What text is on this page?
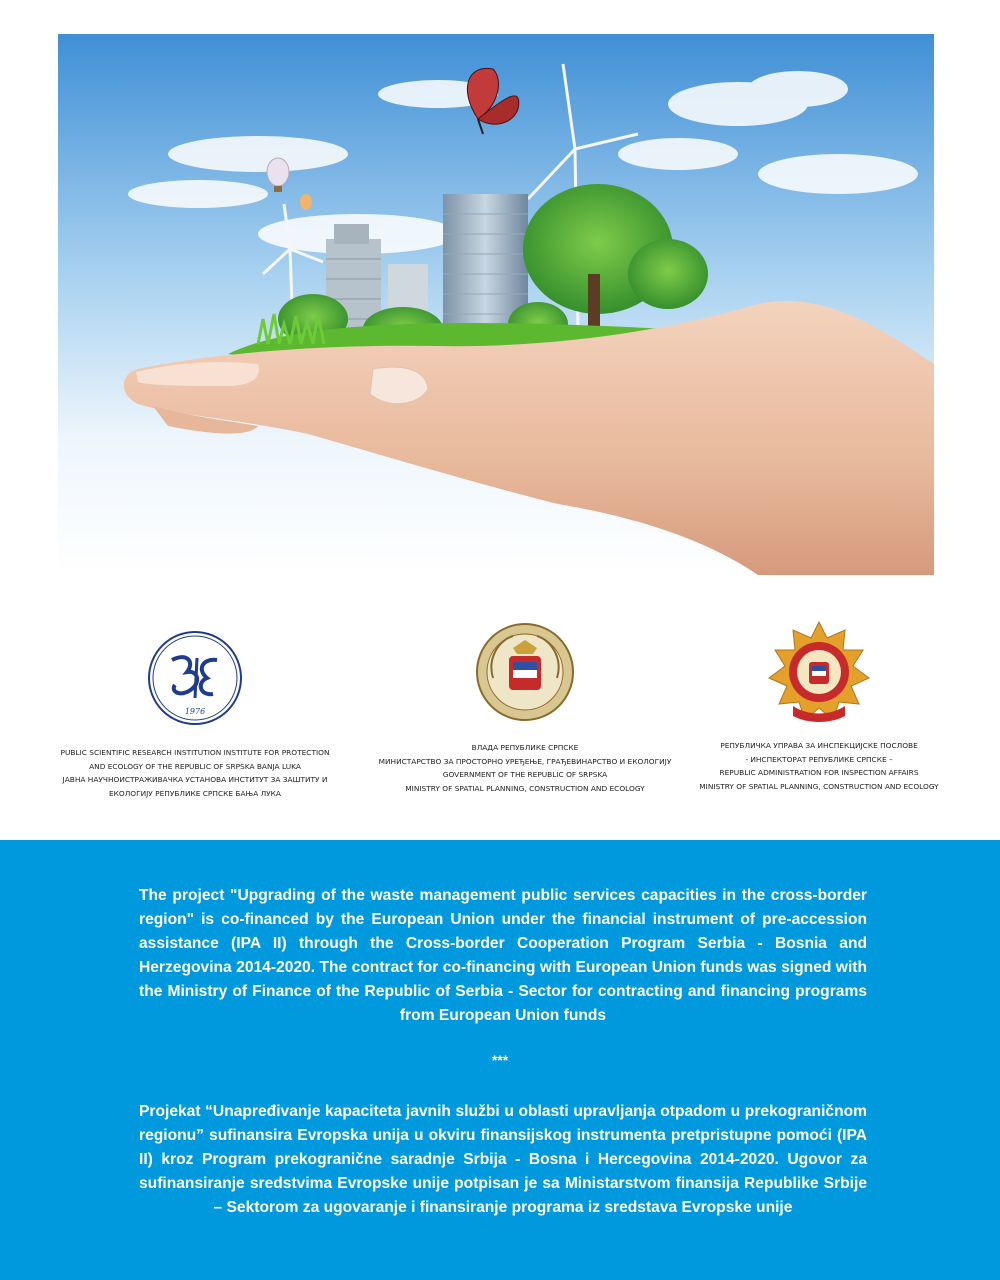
1976
PUBLIC SCIENTIFIC RESEARCH INSTITUTION INSTITUTE FOR PROTECTION
AND ECOLOGY OF THE REPUBLIC OF SRPSKA BANJA LUKA
ЈАВНА НАУЧНОИСТРАЖИВАЧКА УСТАНОВА ИНСТИТУТ ЗА ЗАШТИТУ И
ЕКОЛОГИЈУ РЕПУБЛИКЕ СРПСКЕ БАЊА ЛУКА
ВЛАДА РЕПУБЛИКЕ СРПСКЕ
МИНИСТАРСТВО ЗА ПРОСТОРНО УРЕЂЕЊЕ, ГРАЂЕВИНАРСТВО И ЕКОЛОГИЈУ
GOVERNMENT OF THE REPUBLIC OF SRPSKA
MINISTRY OF SPATIAL PLANNING, CONSTRUCTION AND ECOLOGY
РЕПУБЛИЧКА УПРАВА ЗА ИНСПЕКЦИЈСКЕ ПОСЛОВЕ
- ИНСПЕКТОРАТ РЕПУБЛИКЕ СРПСКЕ –
REPUBLIC ADMINISTRATION FOR INSPECTION AFFAIRS
MINISTRY OF SPATIAL PLANNING, CONSTRUCTION AND ECOLOGY

The project "Upgrading of the waste management public services capacities in the cross-border region" is co-financed by the European Union under the financial instrument of pre-accession assistance (IPA II) through the Cross-border Cooperation Program Serbia - Bosnia and Herzegovina 2014-2020. The contract for co-financing with European Union funds was signed with the Ministry of Finance of the Republic of Serbia - Sector for contracting and financing programs from European Union funds

***

Projekat “Unapređivanje kapaciteta javnih službi u oblasti upravljanja otpadom u prekograničnom regionu” sufinansira Evropska unija u okviru finansijskog instrumenta pretpristupne pomoći (IPA II) kroz Program prekogranične saradnje Srbija - Bosna i Hercegovina 2014-2020. Ugovor za sufinansiranje sredstvima Evropske unije potpisan je sa Ministarstvom finansija Republike Srbije – Sektorom za ugovaranje i finansiranje programa iz sredstava Evropske unije
